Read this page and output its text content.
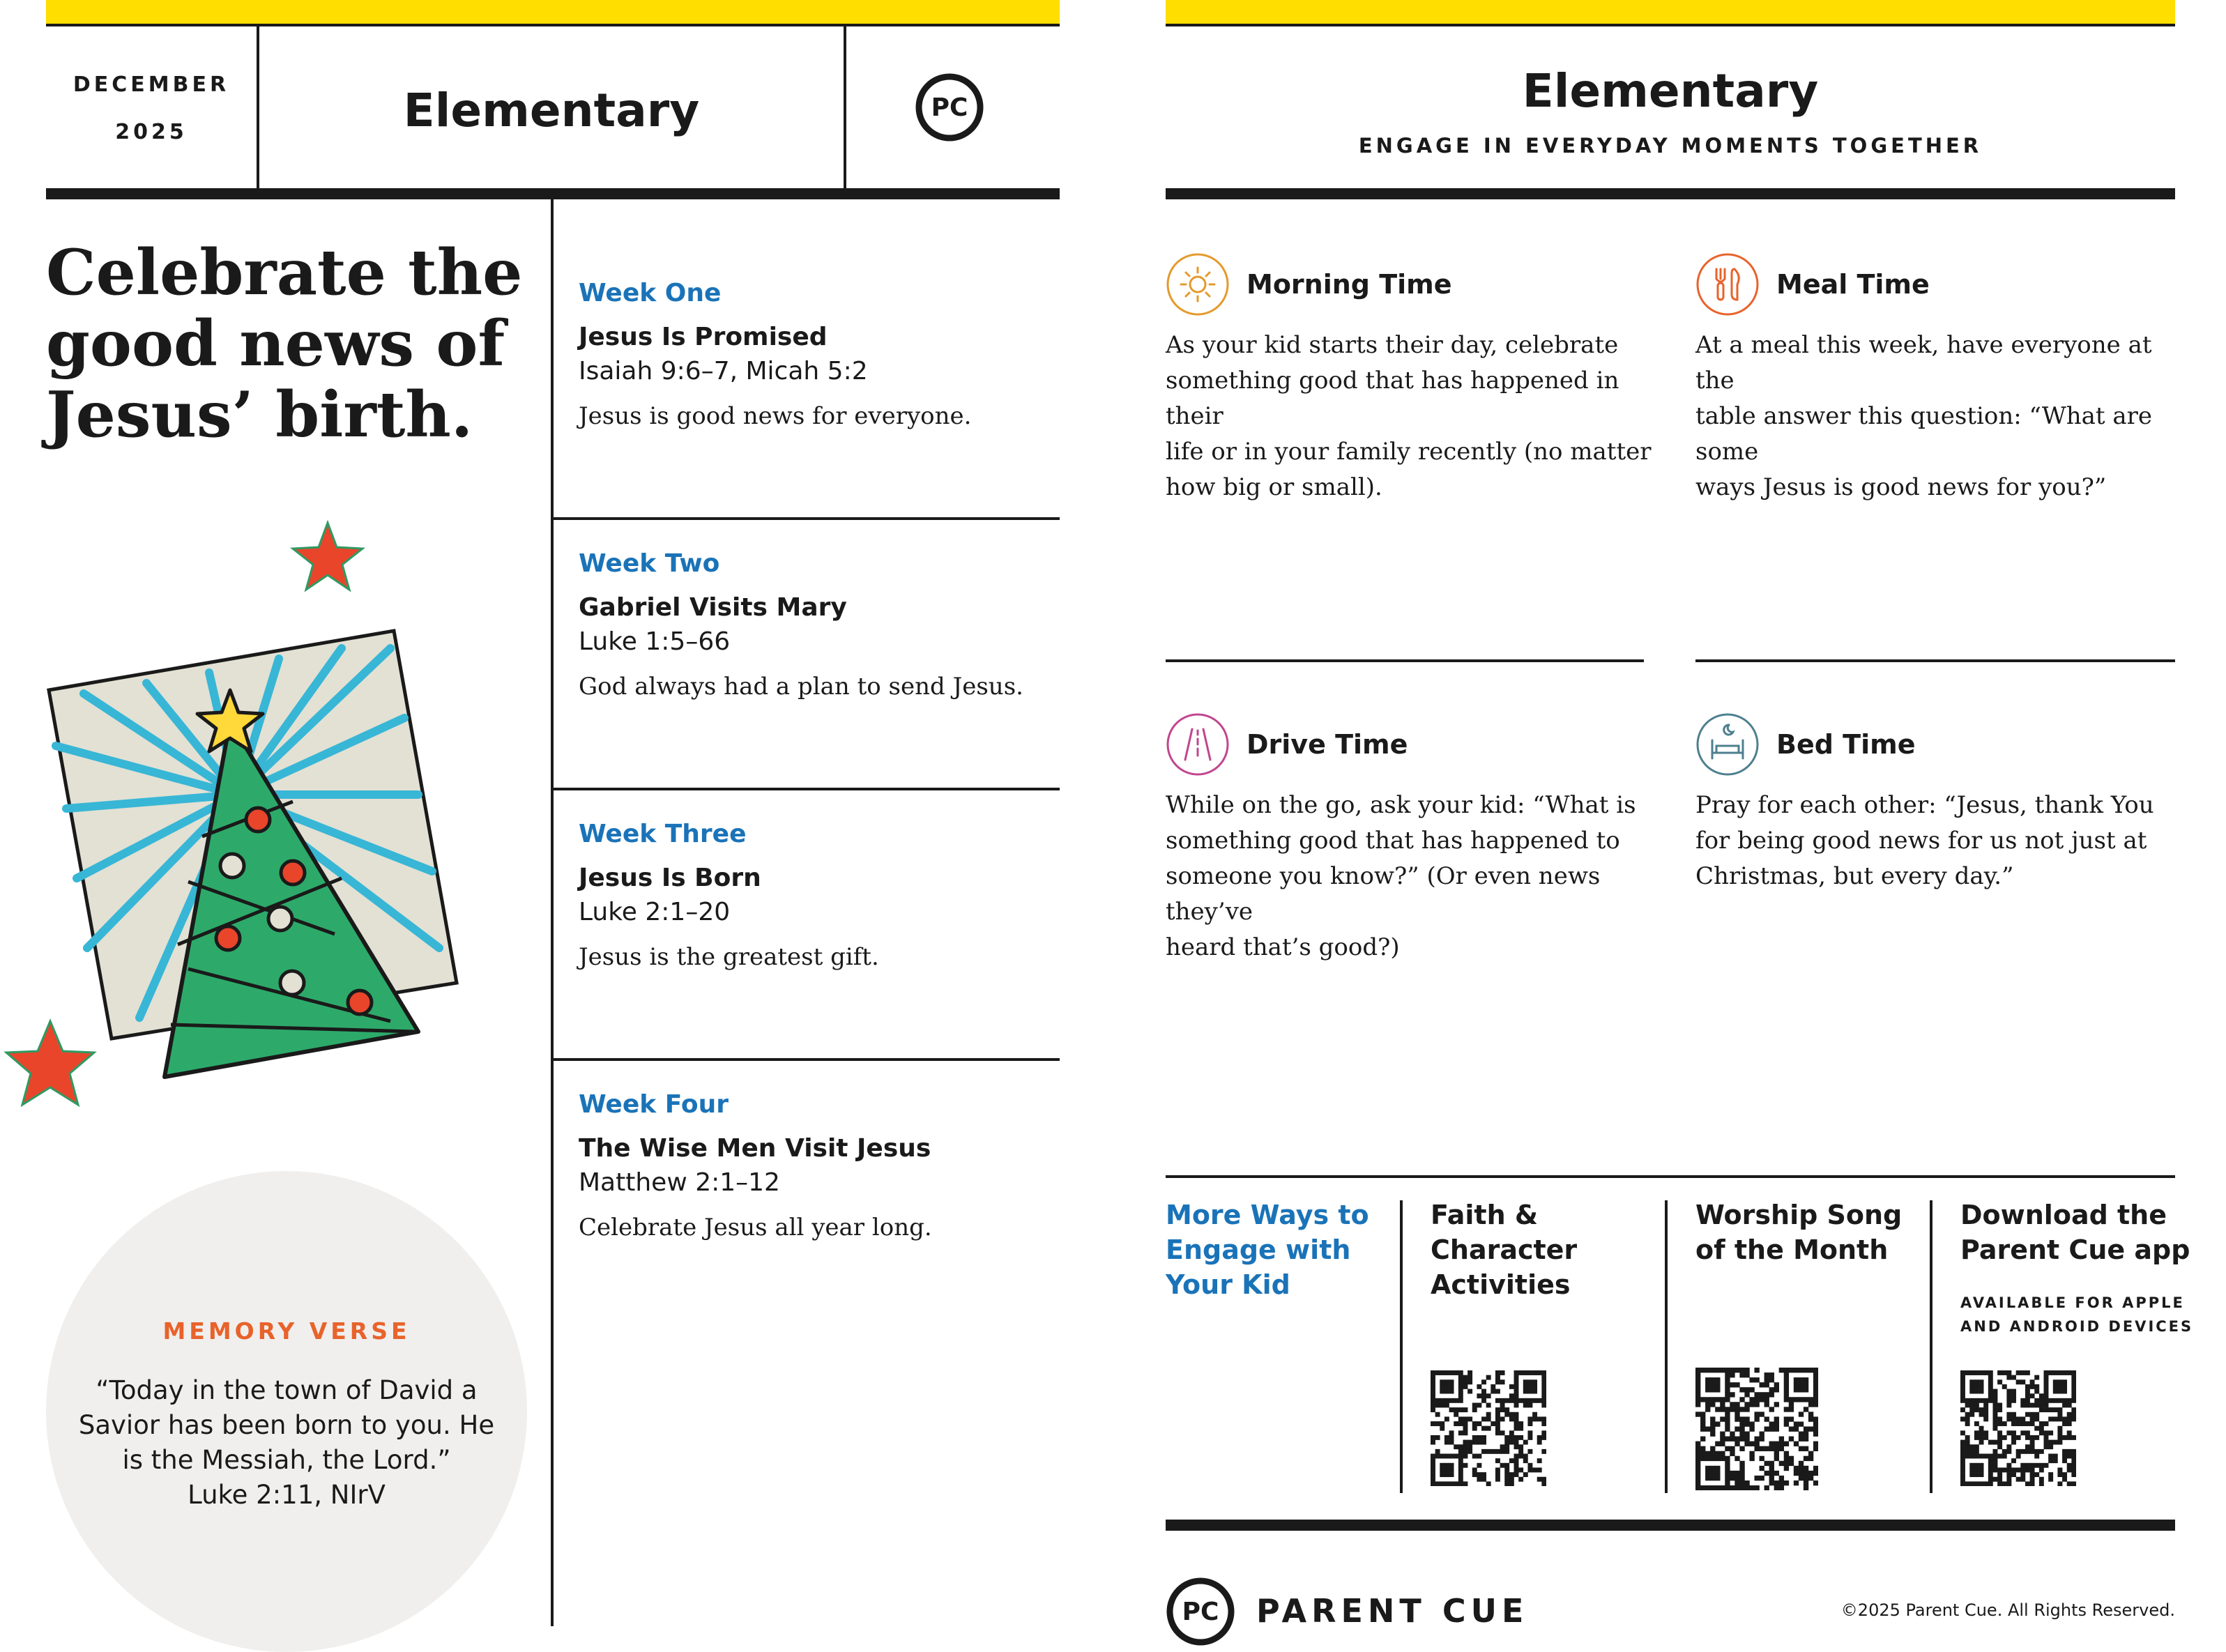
DECEMBER
2025	Elementary	PC
Celebrate the
good news of
Jesus’ birth.
MEMORY VERSE
“Today in the town of David a
Savior has been born to you. He
is the Messiah, the Lord.”
Luke 2:11, NIrV
Week One
Jesus Is Promised
Isaiah 9:6–7, Micah 5:2
Jesus is good news for everyone.
Week Two
Gabriel Visits Mary
Luke 1:5–66
God always had a plan to send Jesus.
Week Three
Jesus Is Born
Luke 2:1–20
Jesus is the greatest gift.
Week Four
The Wise Men Visit Jesus
Matthew 2:1–12
Celebrate Jesus all year long.
Elementary
ENGAGE IN EVERYDAY MOMENTS TOGETHER
Morning Time
As your kid starts their day, celebrate
something good that has happened in their
life or in your family recently (no matter
how big or small).
Meal Time
At a meal this week, have everyone at the
table answer this question: “What are some
ways Jesus is good news for you?”
Drive Time
While on the go, ask your kid: “What is
something good that has happened to
someone you know?” (Or even news they’ve
heard that’s good?)
Bed Time
Pray for each other: “Jesus, thank You
for being good news for us not just at
Christmas, but every day.”
More Ways to
Engage with
Your Kid
Faith &
Character
Activities
Worship Song
of the Month
Download the
Parent Cue app
AVAILABLE FOR APPLE
AND ANDROID DEVICES
PC PARENT CUE	©2025 Parent Cue. All Rights Reserved.
